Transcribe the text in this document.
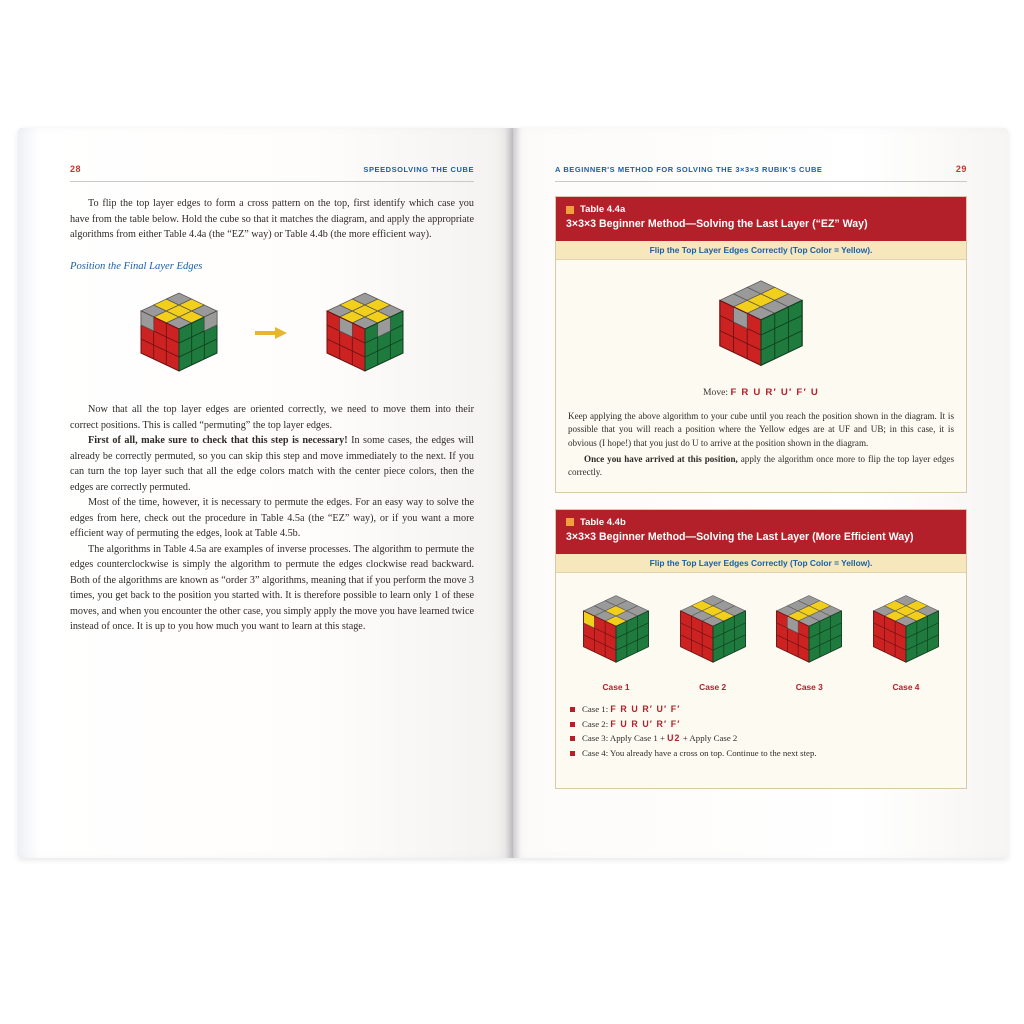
28	SPEEDSOLVING THE CUBE

To flip the top layer edges to form a cross pattern on the top, first identify which case you have from the table below. Hold the cube so that it matches the diagram, and apply the appropriate algorithms from either Table 4.4a (the “EZ” way) or Table 4.4b (the more efficient way).

Position the Final Layer Edges

Now that all the top layer edges are oriented correctly, we need to move them into their correct positions. This is called “permuting” the top layer edges.

First of all, make sure to check that this step is necessary! In some cases, the edges will already be correctly permuted, so you can skip this step and move immediately to the next. If you can turn the top layer such that all the edge colors match with the center piece colors, then the edges are correctly permuted.

Most of the time, however, it is necessary to permute the edges. For an easy way to solve the edges from here, check out the procedure in Table 4.5a (the “EZ” way), or if you want a more efficient way of permuting the edges, look at Table 4.5b.

The algorithms in Table 4.5a are examples of inverse processes. The algorithm to permute the edges counterclockwise is simply the algorithm to permute the edges clockwise read backward. Both of the algorithms are known as “order 3” algorithms, meaning that if you perform the move 3 times, you get back to the position you started with. It is therefore possible to learn only 1 of these moves, and when you encounter the other case, you simply apply the move you have learned twice instead of once. It is up to you how much you want to learn at this stage.

A BEGINNER'S METHOD FOR SOLVING THE 3×3×3 RUBIK'S CUBE	29
Table 4.4a
3×3×3 Beginner Method—Solving the Last Layer (“EZ” Way)
Flip the Top Layer Edges Correctly (Top Color = Yellow).
Move: F R U R′ U′ F′ U

Keep applying the above algorithm to your cube until you reach the position shown in the diagram. It is possible that you will reach a position where the Yellow edges are at UF and UB; in this case, it is obvious (I hope!) that you just do U to arrive at the position shown in the diagram.

Once you have arrived at this position, apply the algorithm once more to flip the top layer edges correctly.

Table 4.4b
3×3×3 Beginner Method—Solving the Last Layer (More Efficient Way)
Flip the Top Layer Edges Correctly (Top Color = Yellow).
Case 1	Case 2	Case 3	Case 4
Case 1: F R U R′ U′ F′
Case 2: F U R U′ R′ F′
Case 3: Apply Case 1 + U2 + Apply Case 2
Case 4: You already have a cross on top. Continue to the next step.
